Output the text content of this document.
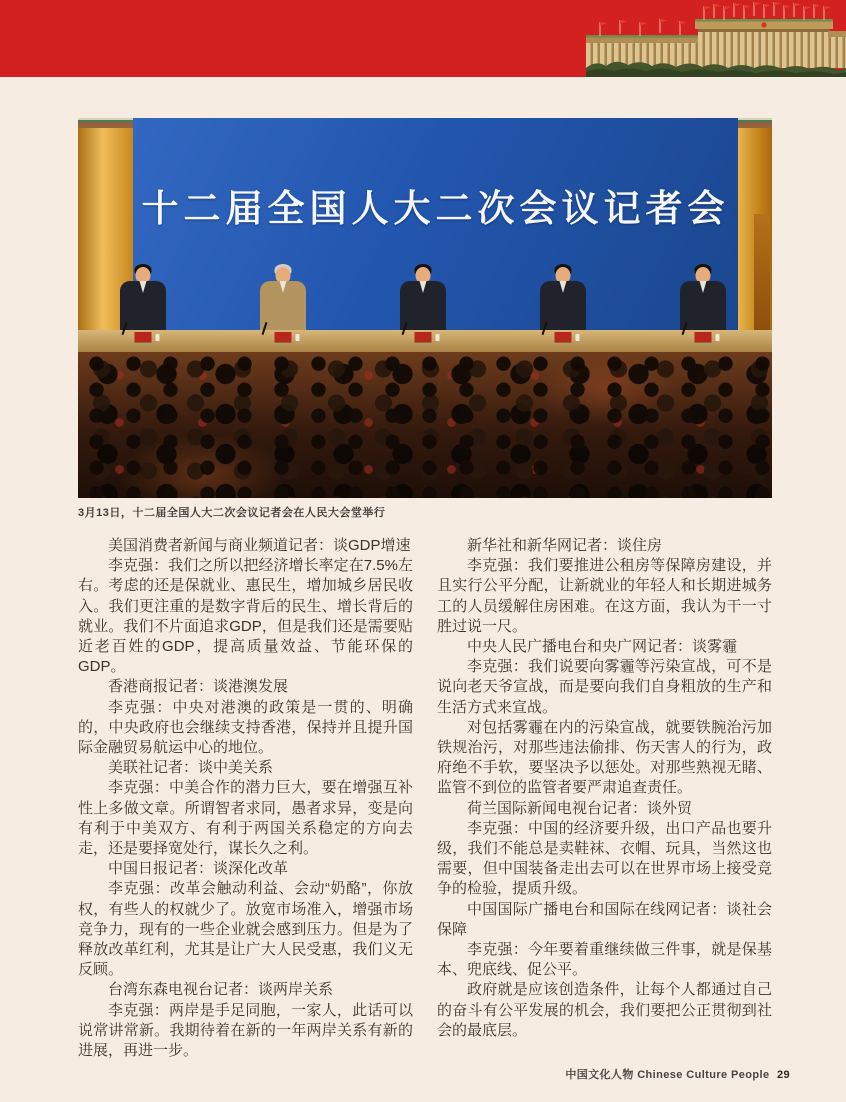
十二届全国人大二次会议记者会
3月13日，十二届全国人大二次会议记者会在人民大会堂举行

美国消费者新闻与商业频道记者：谈GDP增速

李克强：我们之所以把经济增长率定在7.5%左右。考虑的还是保就业、惠民生，增加城乡居民收入。我们更注重的是数字背后的民生、增长背后的就业。我们不片面追求GDP，但是我们还是需要贴近老百姓的GDP，提高质量效益、节能环保的GDP。

香港商报记者：谈港澳发展

李克强：中央对港澳的政策是一贯的、明确的，中央政府也会继续支持香港，保持并且提升国际金融贸易航运中心的地位。

美联社记者：谈中美关系

李克强：中美合作的潜力巨大，要在增强互补性上多做文章。所谓智者求同，愚者求异，变是向有利于中美双方、有利于两国关系稳定的方向去走，还是要择宽处行，谋长久之利。

中国日报记者：谈深化改革

李克强：改革会触动利益、会动“奶酪”，你放权，有些人的权就少了。放宽市场准入，增强市场竞争力，现有的一些企业就会感到压力。但是为了释放改革红利，尤其是让广大人民受惠，我们义无反顾。

台湾东森电视台记者：谈两岸关系

李克强：两岸是手足同胞，一家人，此话可以说常讲常新。我期待着在新的一年两岸关系有新的进展，再进一步。

新华社和新华网记者：谈住房

李克强：我们要推进公租房等保障房建设，并且实行公平分配，让新就业的年轻人和长期进城务工的人员缓解住房困难。在这方面，我认为干一寸胜过说一尺。

中央人民广播电台和央广网记者：谈雾霾

李克强：我们说要向雾霾等污染宣战，可不是说向老天爷宣战，而是要向我们自身粗放的生产和生活方式来宣战。

对包括雾霾在内的污染宣战，就要铁腕治污加铁规治污，对那些违法偷排、伤天害人的行为，政府绝不手软，要坚决予以惩处。对那些熟视无睹、监管不到位的监管者要严肃追查责任。

荷兰国际新闻电视台记者：谈外贸

李克强：中国的经济要升级，出口产品也要升级，我们不能总是卖鞋袜、衣帽、玩具，当然这也需要，但中国装备走出去可以在世界市场上接受竞争的检验，提质升级。

中国国际广播电台和国际在线网记者：谈社会保障

李克强：今年要着重继续做三件事，就是保基本、兜底线、促公平。

政府就是应该创造条件，让每个人都通过自己的奋斗有公平发展的机会，我们要把公正贯彻到社会的最底层。

中国文化人物 Chinese Culture People 29
